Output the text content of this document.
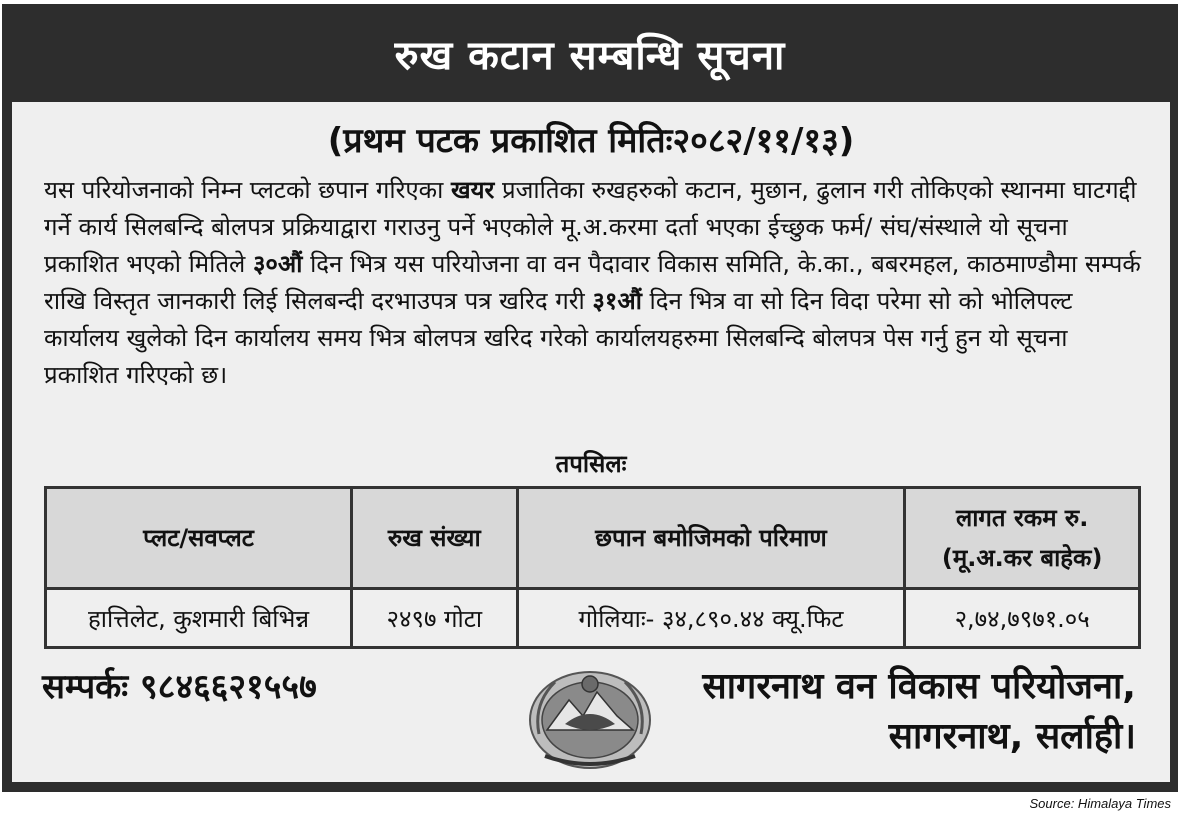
रुख कटान सम्बन्धि सूचना
(प्रथम पटक प्रकाशित मितिः२०८२/११/१३)
यस परियोजनाको निम्न प्लटको छपान गरिएका खयर प्रजातिका रुखहरुको कटान, मुछान, ढुलान गरी तोकिएको स्थानमा घाटगद्दी गर्ने कार्य सिलबन्दि बोलपत्र प्रक्रियाद्वारा गराउनु पर्ने भएकोले मू.अ.करमा दर्ता भएका ईच्छुक फर्म/ संघ/संस्थाले यो सूचना प्रकाशित भएको मितिले ३०औं दिन भित्र यस परियोजना वा वन पैदावार विकास समिति, के.का., बबरमहल, काठमाण्डौमा सम्पर्क राखि विस्तृत जानकारी लिई सिलबन्दी दरभाउपत्र पत्र खरिद गरी ३१औं दिन भित्र वा सो दिन विदा परेमा सो को भोलिपल्ट कार्यालय खुलेको दिन कार्यालय समय भित्र बोलपत्र खरिद गरेको कार्यालयहरुमा सिलबन्दि बोलपत्र पेस गर्नु हुन यो सूचना प्रकाशित गरिएको छ।
तपसिलः
प्लट/सवप्लट	रुख संख्या	छपान बमोजिमको परिमाण	लागत रकम रु.
(मू.अ.कर बाहेक)

हात्तिलेट, कुशमारी बिभिन्न	२४९७ गोटा	गोलियाः- ३४,८९०.४४ क्यू.फिट	२,७४,७९७१.०५
सम्पर्कः ९८४६६२१५५७	सागरनाथ वन विकास परियोजना,
सागरनाथ, सर्लाही।
Source: Himalaya Times
